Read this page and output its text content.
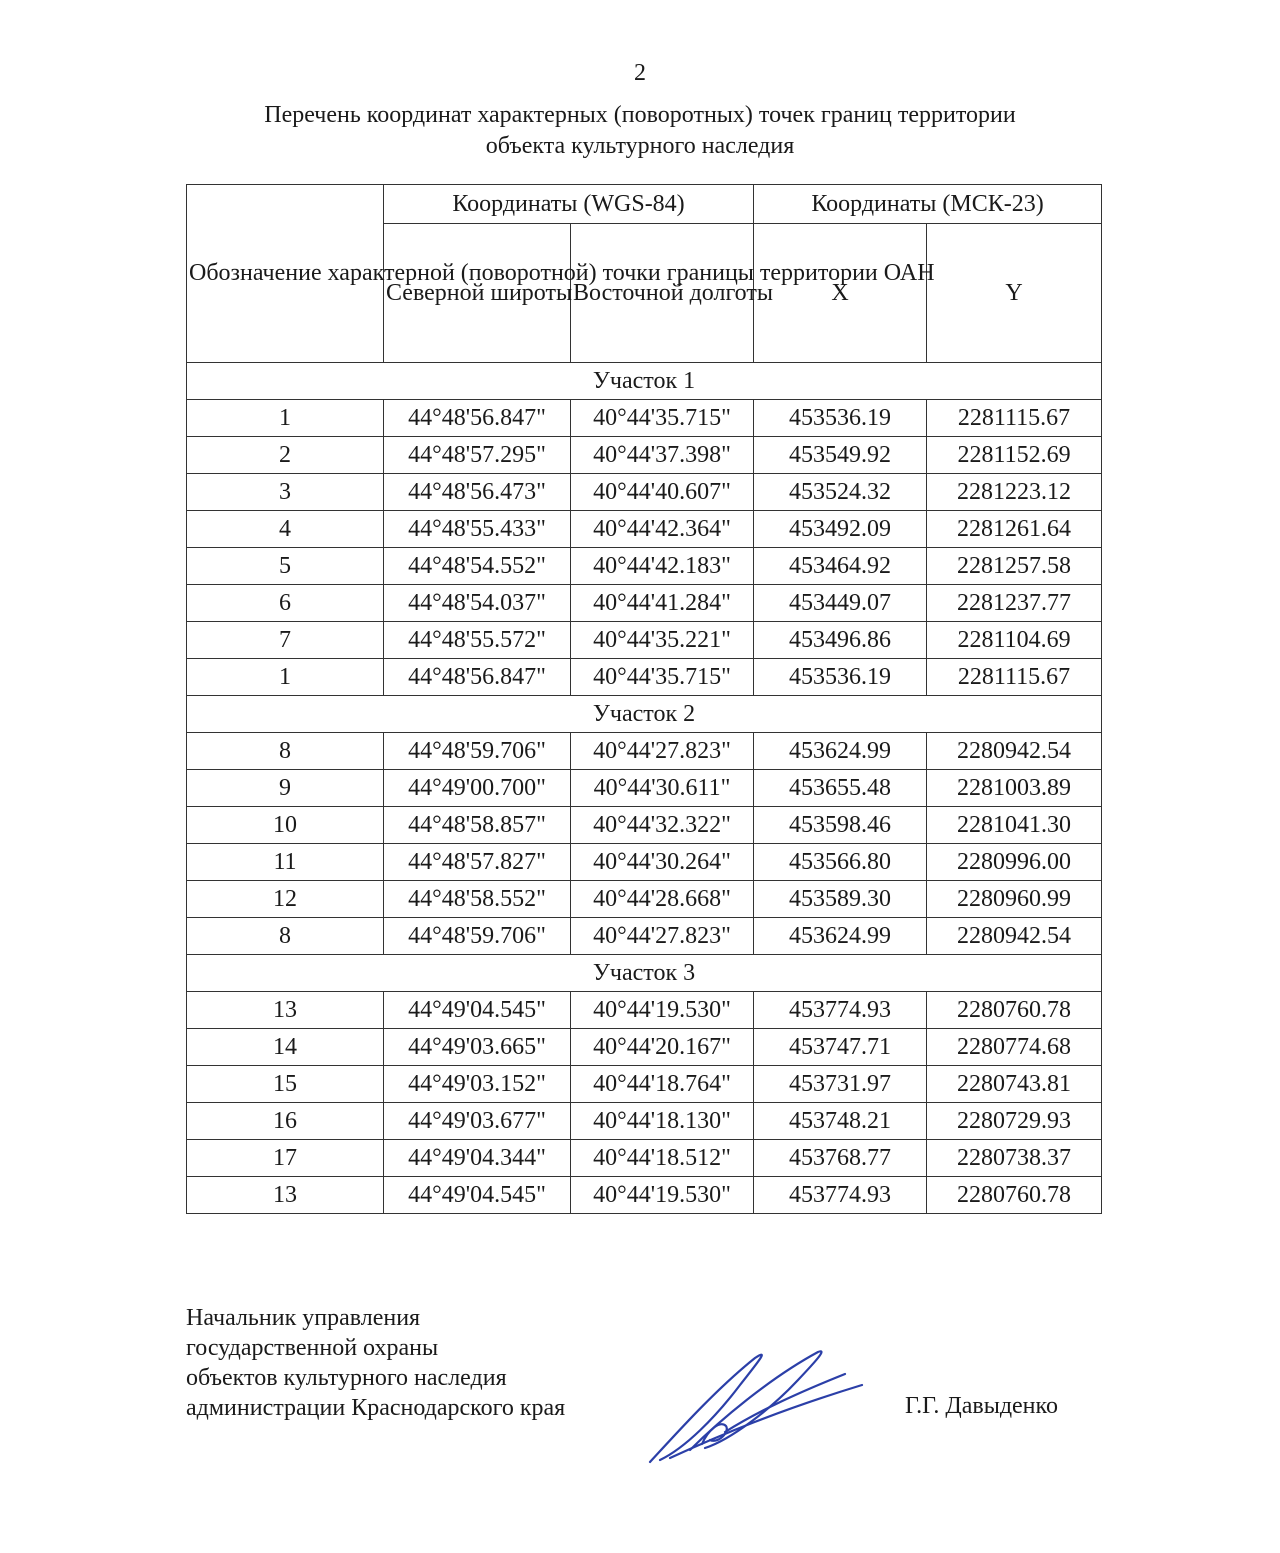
2
Перечень координат характерных (поворотных) точек границ территории
объекта культурного наследия
Обозначение характерной (поворотной) точки границы территории ОАН	Координаты (WGS-84)		Координаты (МСК-23)	
	Северной широты	Восточной долготы	X	Y
Участок 1				
1	44°48'56.847"	40°44'35.715"	453536.19	2281115.67
2	44°48'57.295"	40°44'37.398"	453549.92	2281152.69
3	44°48'56.473"	40°44'40.607"	453524.32	2281223.12
4	44°48'55.433"	40°44'42.364"	453492.09	2281261.64
5	44°48'54.552"	40°44'42.183"	453464.92	2281257.58
6	44°48'54.037"	40°44'41.284"	453449.07	2281237.77
7	44°48'55.572"	40°44'35.221"	453496.86	2281104.69
1	44°48'56.847"	40°44'35.715"	453536.19	2281115.67
Участок 2				
8	44°48'59.706"	40°44'27.823"	453624.99	2280942.54
9	44°49'00.700"	40°44'30.611"	453655.48	2281003.89
10	44°48'58.857"	40°44'32.322"	453598.46	2281041.30
11	44°48'57.827"	40°44'30.264"	453566.80	2280996.00
12	44°48'58.552"	40°44'28.668"	453589.30	2280960.99
8	44°48'59.706"	40°44'27.823"	453624.99	2280942.54
Участок 3				
13	44°49'04.545"	40°44'19.530"	453774.93	2280760.78
14	44°49'03.665"	40°44'20.167"	453747.71	2280774.68
15	44°49'03.152"	40°44'18.764"	453731.97	2280743.81
16	44°49'03.677"	40°44'18.130"	453748.21	2280729.93
17	44°49'04.344"	40°44'18.512"	453768.77	2280738.37
13	44°49'04.545"	40°44'19.530"	453774.93	2280760.78
Начальник управления
государственной охраны
объектов культурного наследия
администрации Краснодарского края	Г.Г. Давыденко
